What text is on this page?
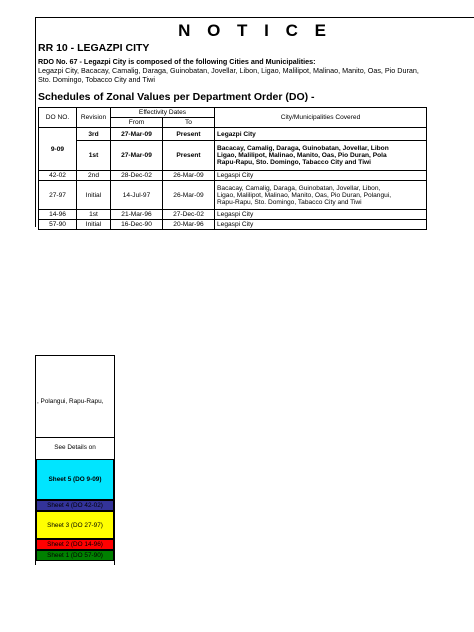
N O T I C E
RR 10 - LEGAZPI CITY
RDO No. 67 - Legazpi City is composed of the following Cities and Municipalities:
Legazpi City, Bacacay, Camalig, Daraga, Guinobatan, Jovellar, Libon, Ligao, Malilipot, Malinao, Manito, Oas, Pio Duran,
Sto. Domingo, Tobacco City and Tiwi
Schedules of Zonal Values per Department Order (DO) -
DO NO.	Revision	Effectivity Dates		City/Municipalities Covered
		From	To	
9-09	3rd	27-Mar-09	Present	Legazpi City
	1st	27-Mar-09	Present	Bacacay, Camalig, Daraga, Guinobatan, Jovellar, Libon
Ligao, Malilipot, Malinao, Manito, Oas, Pio Duran, Pola
Rapu-Rapu, Sto. Domingo, Tabacco City and Tiwi

42-02	2nd	28-Dec-02	26-Mar-09	Legaspi City
27-97	Initial	14-Jul-97	26-Mar-09	Bacacay, Camalig, Daraga, Guinobatan, Jovellar, Libon,
Ligao, Malilipot, Malinao, Manito, Oas, Pio Duran, Polangui,
Rapu-Rapu, Sto. Domingo, Tabacco City and Tiwi

14-96	1st	21-Mar-96	27-Dec-02	Legaspi City
57-90	Initial	16-Dec-90	20-Mar-96	Legaspi City
, Polangui, Rapu-Rapu,
See Details on
Sheet 5 (DO 9-09)
Sheet 4 (DO 42-02)
Sheet 3 (DO 27-97)
Sheet 2 (DO 14-96)
Sheet 1 (DO 57-90)
